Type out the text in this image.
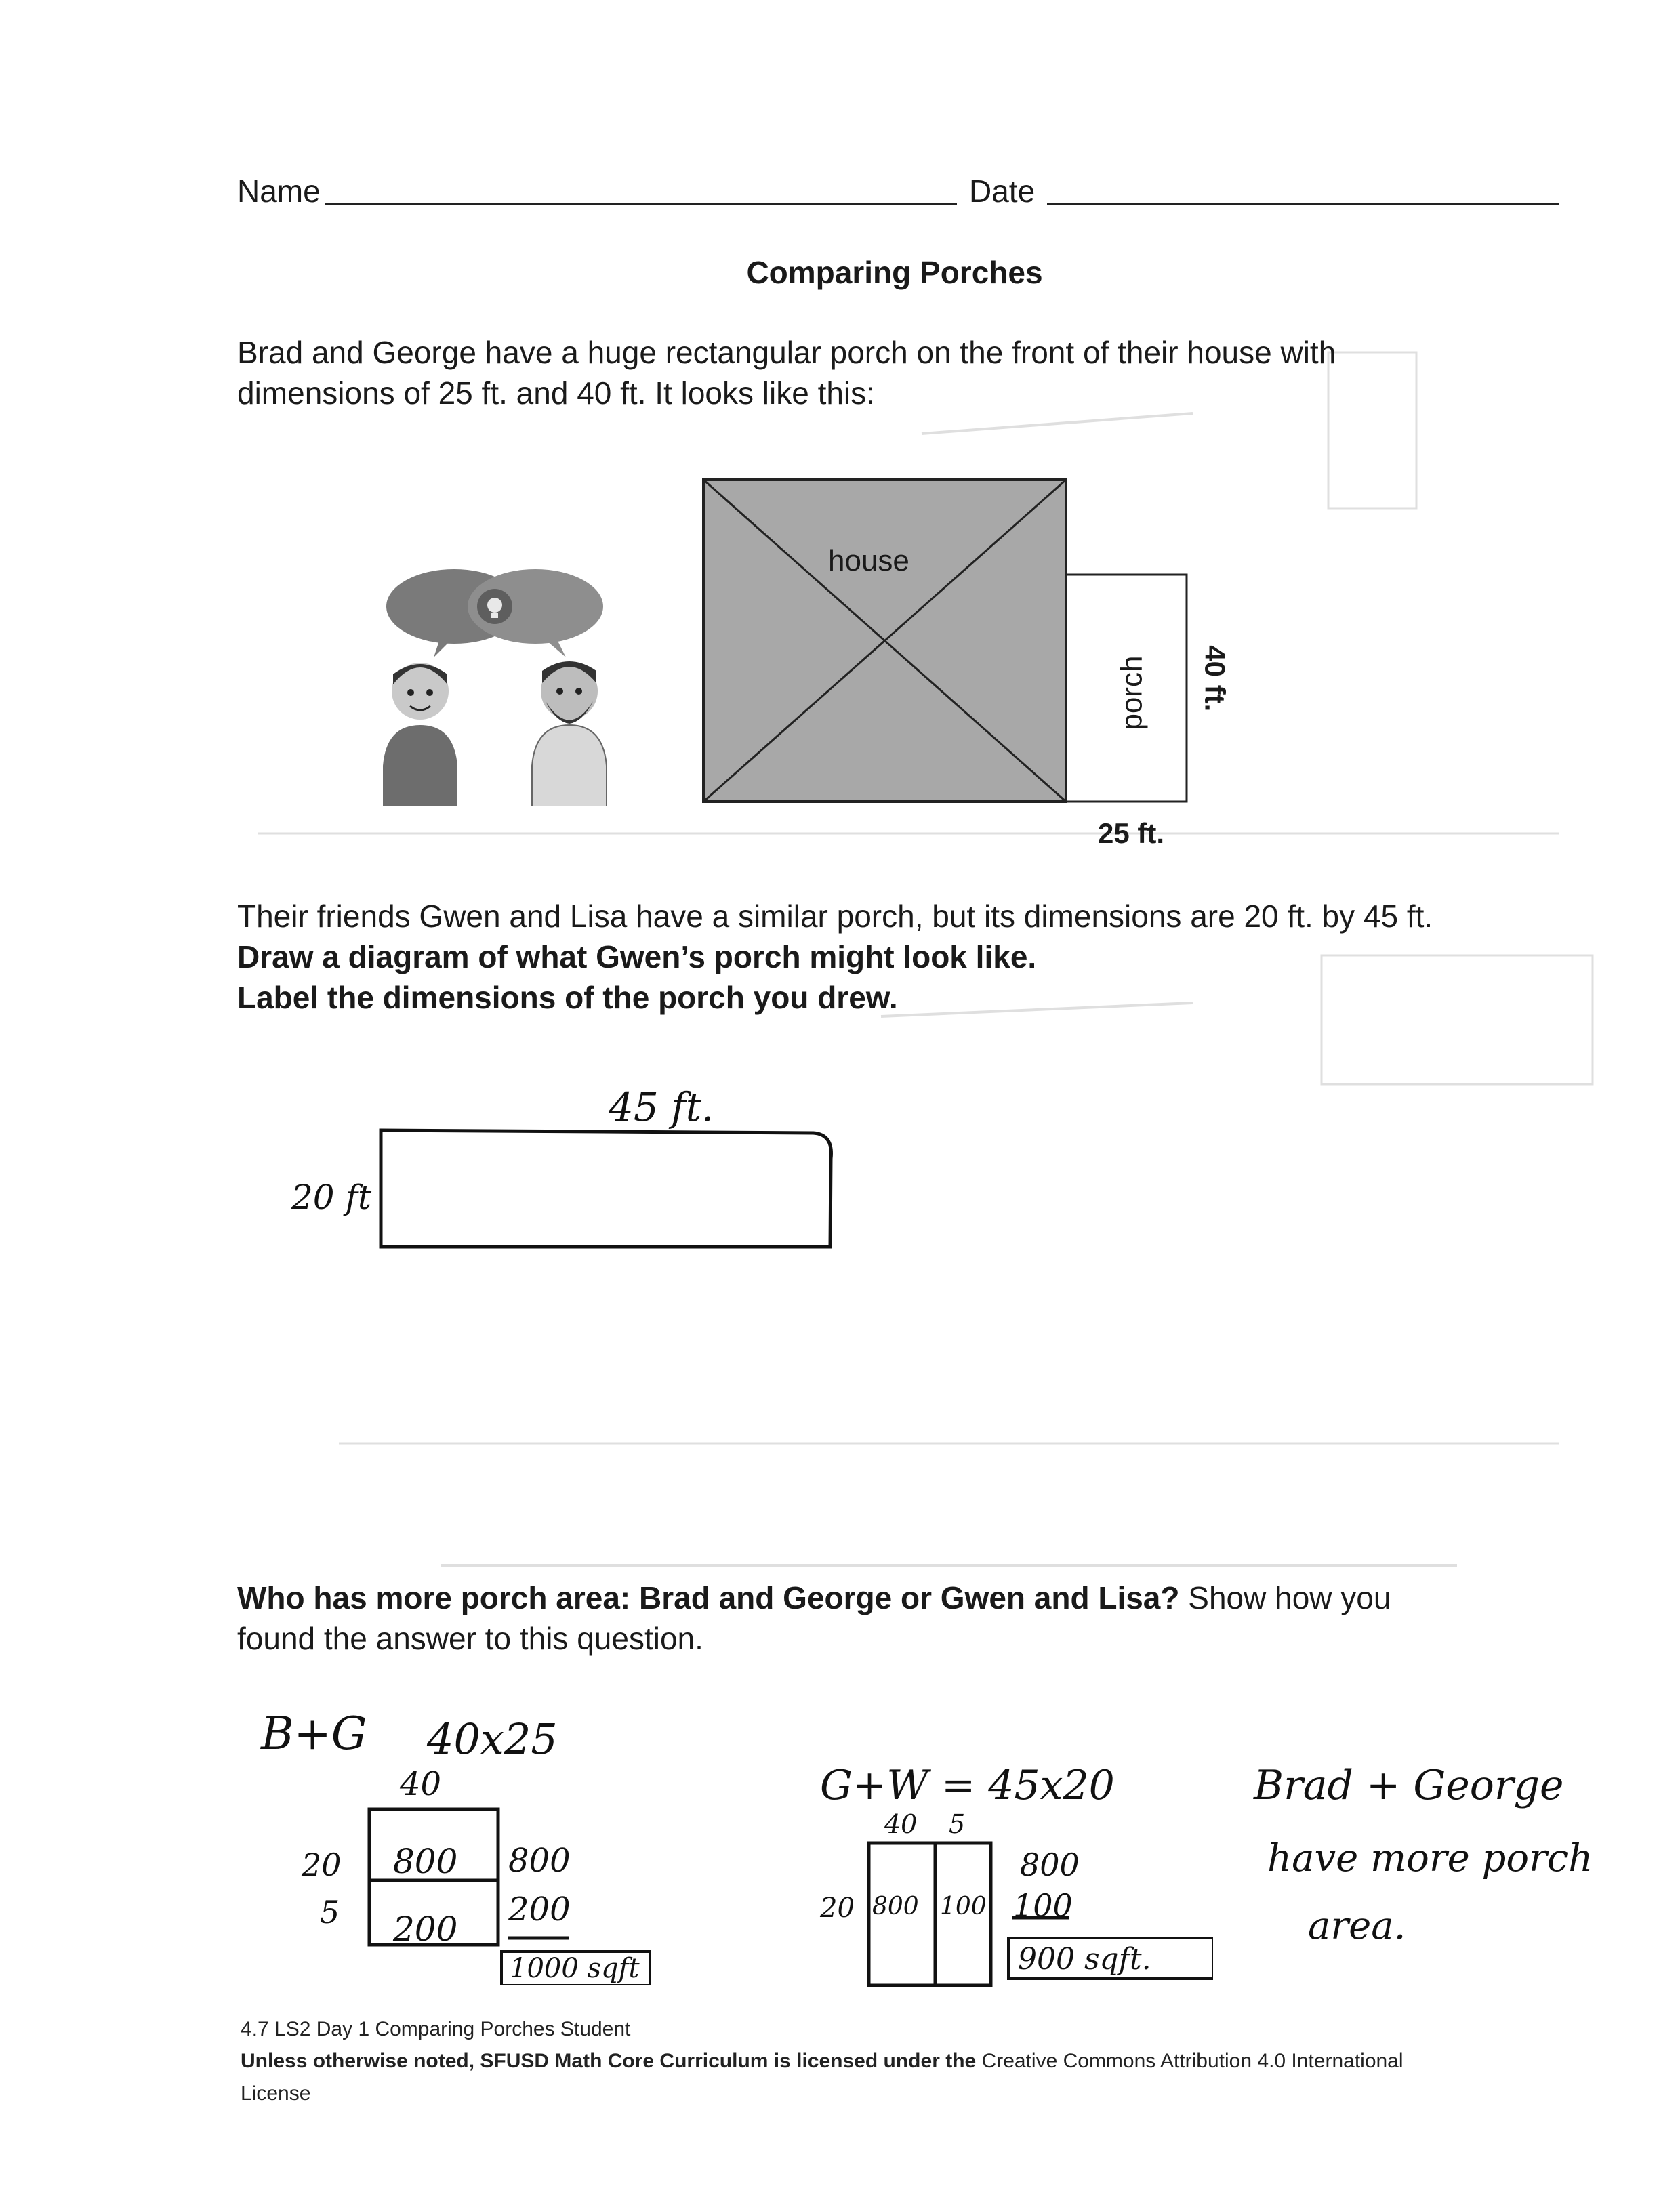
Name	Date
Comparing Porches
Brad and George have a huge rectangular porch on the front of their house with
dimensions of 25 ft. and 40 ft. It looks like this:
house
porch 40 ft.
25 ft.
Their friends Gwen and Lisa have a similar porch, but its dimensions are 20 ft. by 45 ft.
Draw a diagram of what Gwen’s porch might look like.
Label the dimensions of the porch you drew.
45 ft.
20 ft
Who has more porch area: Brad and George or Gwen and Lisa? Show how you
found the answer to this question.
B+G 40x25
40
20
5
800
200
800
200
1000 sqft
G+W = 45x20
40 5
20 800 100
800
100
900 sqft.
Brad + George
have more porch
area.
4.7 LS2 Day 1 Comparing Porches Student
Unless otherwise noted, SFUSD Math Core Curriculum is licensed under the Creative Commons Attribution 4.0 International
License
